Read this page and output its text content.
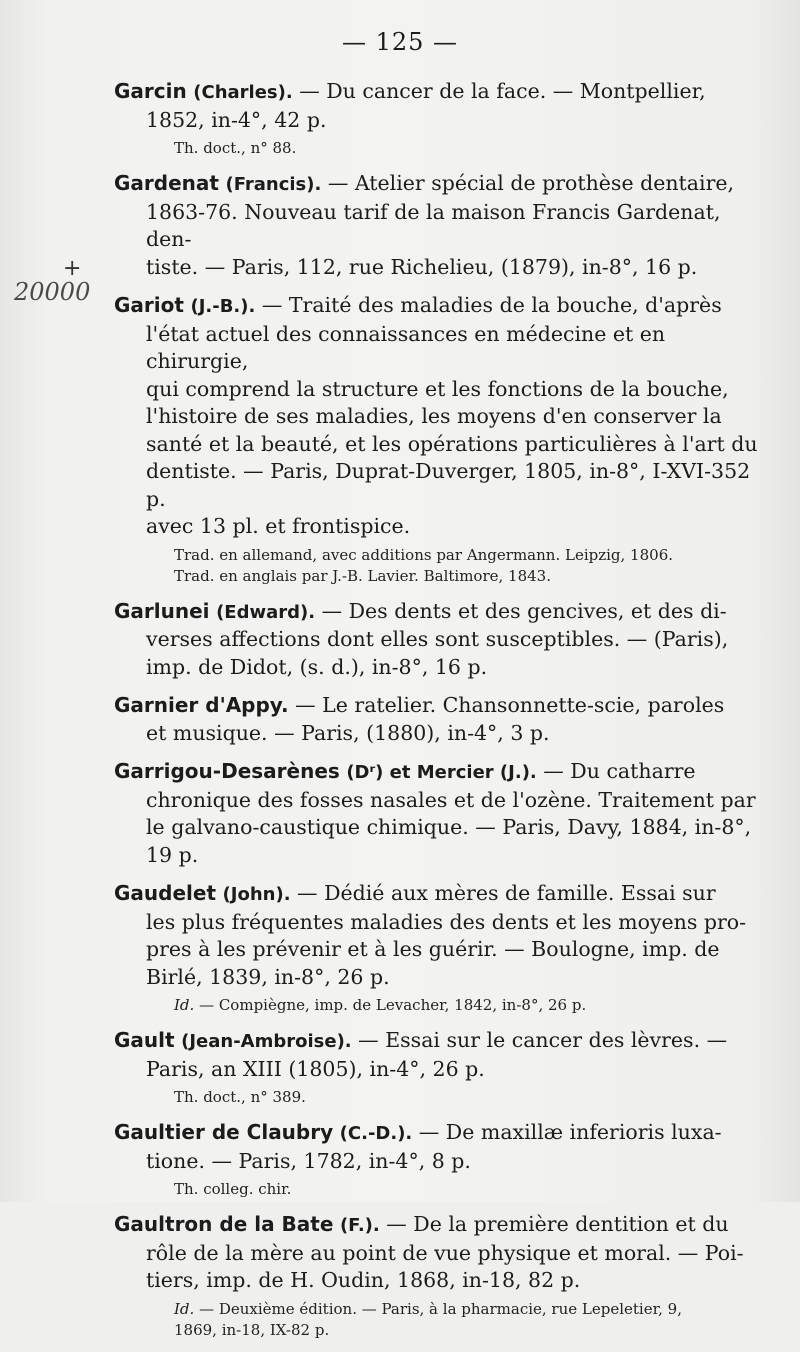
— 125 —
+
20000
Garcin (Charles). — Du cancer de la face. — Montpellier,
1852, in-4°, 42 p.
Th. doct., n° 88.
Gardenat (Francis). — Atelier spécial de prothèse dentaire,
1863-76. Nouveau tarif de la maison Francis Gardenat, den-
tiste. — Paris, 112, rue Richelieu, (1879), in-8°, 16 p.
Gariot (J.-B.). — Traité des maladies de la bouche, d'après
l'état actuel des connaissances en médecine et en chirurgie,
qui comprend la structure et les fonctions de la bouche,
l'histoire de ses maladies, les moyens d'en conserver la
santé et la beauté, et les opérations particulières à l'art du
dentiste. — Paris, Duprat-Duverger, 1805, in-8°, I-XVI-352 p.
avec 13 pl. et frontispice.
Trad. en allemand, avec additions par Angermann. Leipzig, 1806.
Trad. en anglais par J.-B. Lavier. Baltimore, 1843.
Garlunei (Edward). — Des dents et des gencives, et des di-
verses affections dont elles sont susceptibles. — (Paris),
imp. de Didot, (s. d.), in-8°, 16 p.
Garnier d'Appy. — Le ratelier. Chansonnette-scie, paroles
et musique. — Paris, (1880), in-4°, 3 p.
Garrigou-Desarènes (Dʳ) et Mercier (J.). — Du catharre
chronique des fosses nasales et de l'ozène. Traitement par
le galvano-caustique chimique. — Paris, Davy, 1884, in-8°,
19 p.
Gaudelet (John). — Dédié aux mères de famille. Essai sur
les plus fréquentes maladies des dents et les moyens pro-
pres à les prévenir et à les guérir. — Boulogne, imp. de
Birlé, 1839, in-8°, 26 p.
Id. — Compiègne, imp. de Levacher, 1842, in-8°, 26 p.
Gault (Jean-Ambroise). — Essai sur le cancer des lèvres. —
Paris, an XIII (1805), in-4°, 26 p.
Th. doct., n° 389.
Gaultier de Claubry (C.-D.). — De maxillæ inferioris luxa-
tione. — Paris, 1782, in-4°, 8 p.
Th. colleg. chir.
Gaultron de la Bate (F.). — De la première dentition et du
rôle de la mère au point de vue physique et moral. — Poi-
tiers, imp. de H. Oudin, 1868, in-18, 82 p.
Id. — Deuxième édition. — Paris, à la pharmacie, rue Lepeletier, 9,
1869, in-18, IX-82 p.
